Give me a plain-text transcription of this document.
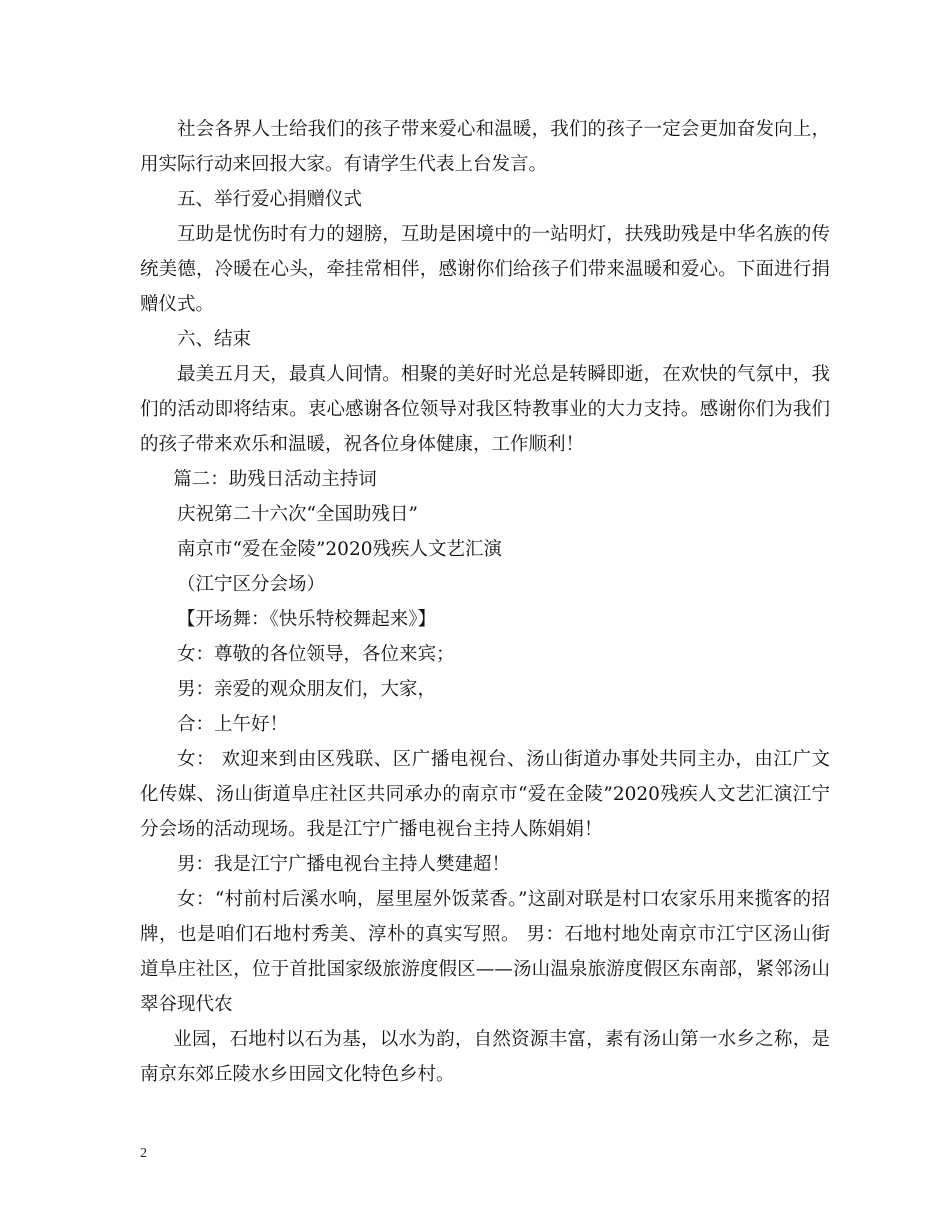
社会各界人士给我们的孩子带来爱心和温暖，我们的孩子一定会更加奋发向上，用实际行动来回报大家。有请学生代表上台发言。

五、举行爱心捐赠仪式

互助是忧伤时有力的翅膀，互助是困境中的一站明灯，扶残助残是中华名族的传统美德，冷暖在心头，牵挂常相伴，感谢你们给孩子们带来温暖和爱心。下面进行捐赠仪式。

六、结束

最美五月天，最真人间情。相聚的美好时光总是转瞬即逝，在欢快的气氛中，我们的活动即将结束。衷心感谢各位领导对我区特教事业的大力支持。感谢你们为我们的孩子带来欢乐和温暖，祝各位身体健康，工作顺利！

篇二：助残日活动主持词

庆祝第二十六次“全国助残日”

南京市“爱在金陵”2020残疾人文艺汇演

（江宁区分会场）

【开场舞：《快乐特校舞起来》】

女：尊敬的各位领导，各位来宾；

男：亲爱的观众朋友们，大家，

合：上午好！

女： 欢迎来到由区残联、区广播电视台、汤山街道办事处共同主办，由江广文化传媒、汤山街道阜庄社区共同承办的南京市“爱在金陵”2020残疾人文艺汇演江宁分会场的活动现场。我是江宁广播电视台主持人陈娟娟！

男：我是江宁广播电视台主持人樊建超！

女：“村前村后溪水响，屋里屋外饭菜香。”这副对联是村口农家乐用来揽客的招牌，也是咱们石地村秀美、淳朴的真实写照。 男：石地村地处南京市江宁区汤山街道阜庄社区，位于首批国家级旅游度假区——汤山温泉旅游度假区东南部，紧邻汤山翠谷现代农

业园，石地村以石为基，以水为韵，自然资源丰富，素有汤山第一水乡之称，是南京东郊丘陵水乡田园文化特色乡村。

2
